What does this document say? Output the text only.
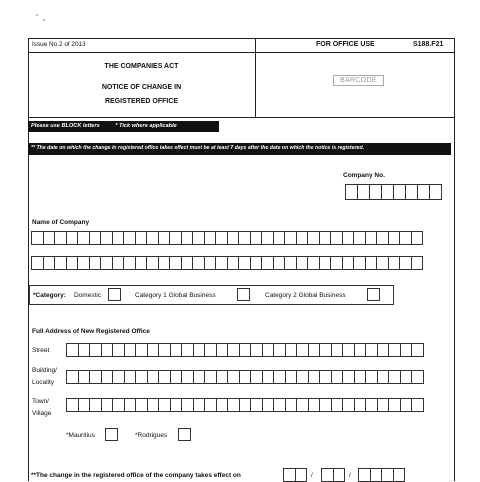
Issue No.2 of 2013	FOR OFFICE USE	S188.F21
THE COMPANIES ACT
NOTICE OF CHANGE IN
REGISTERED OFFICE
BARCODE
Please use BLOCK letters	* Tick where applicable
** The date on which the change in registered office takes effect must be at least 7 days after the date on which the notice is registered.
Company No.
Name of Company
*Category: Domestic	Category 1 Global Business	Category 2 Global Business
Full Address of New Registered Office
Street
Building/
Locality
Town/
Village
*Mauritius	*Rodrigues
**The change in the registered office of the company takes effect on	/	/
